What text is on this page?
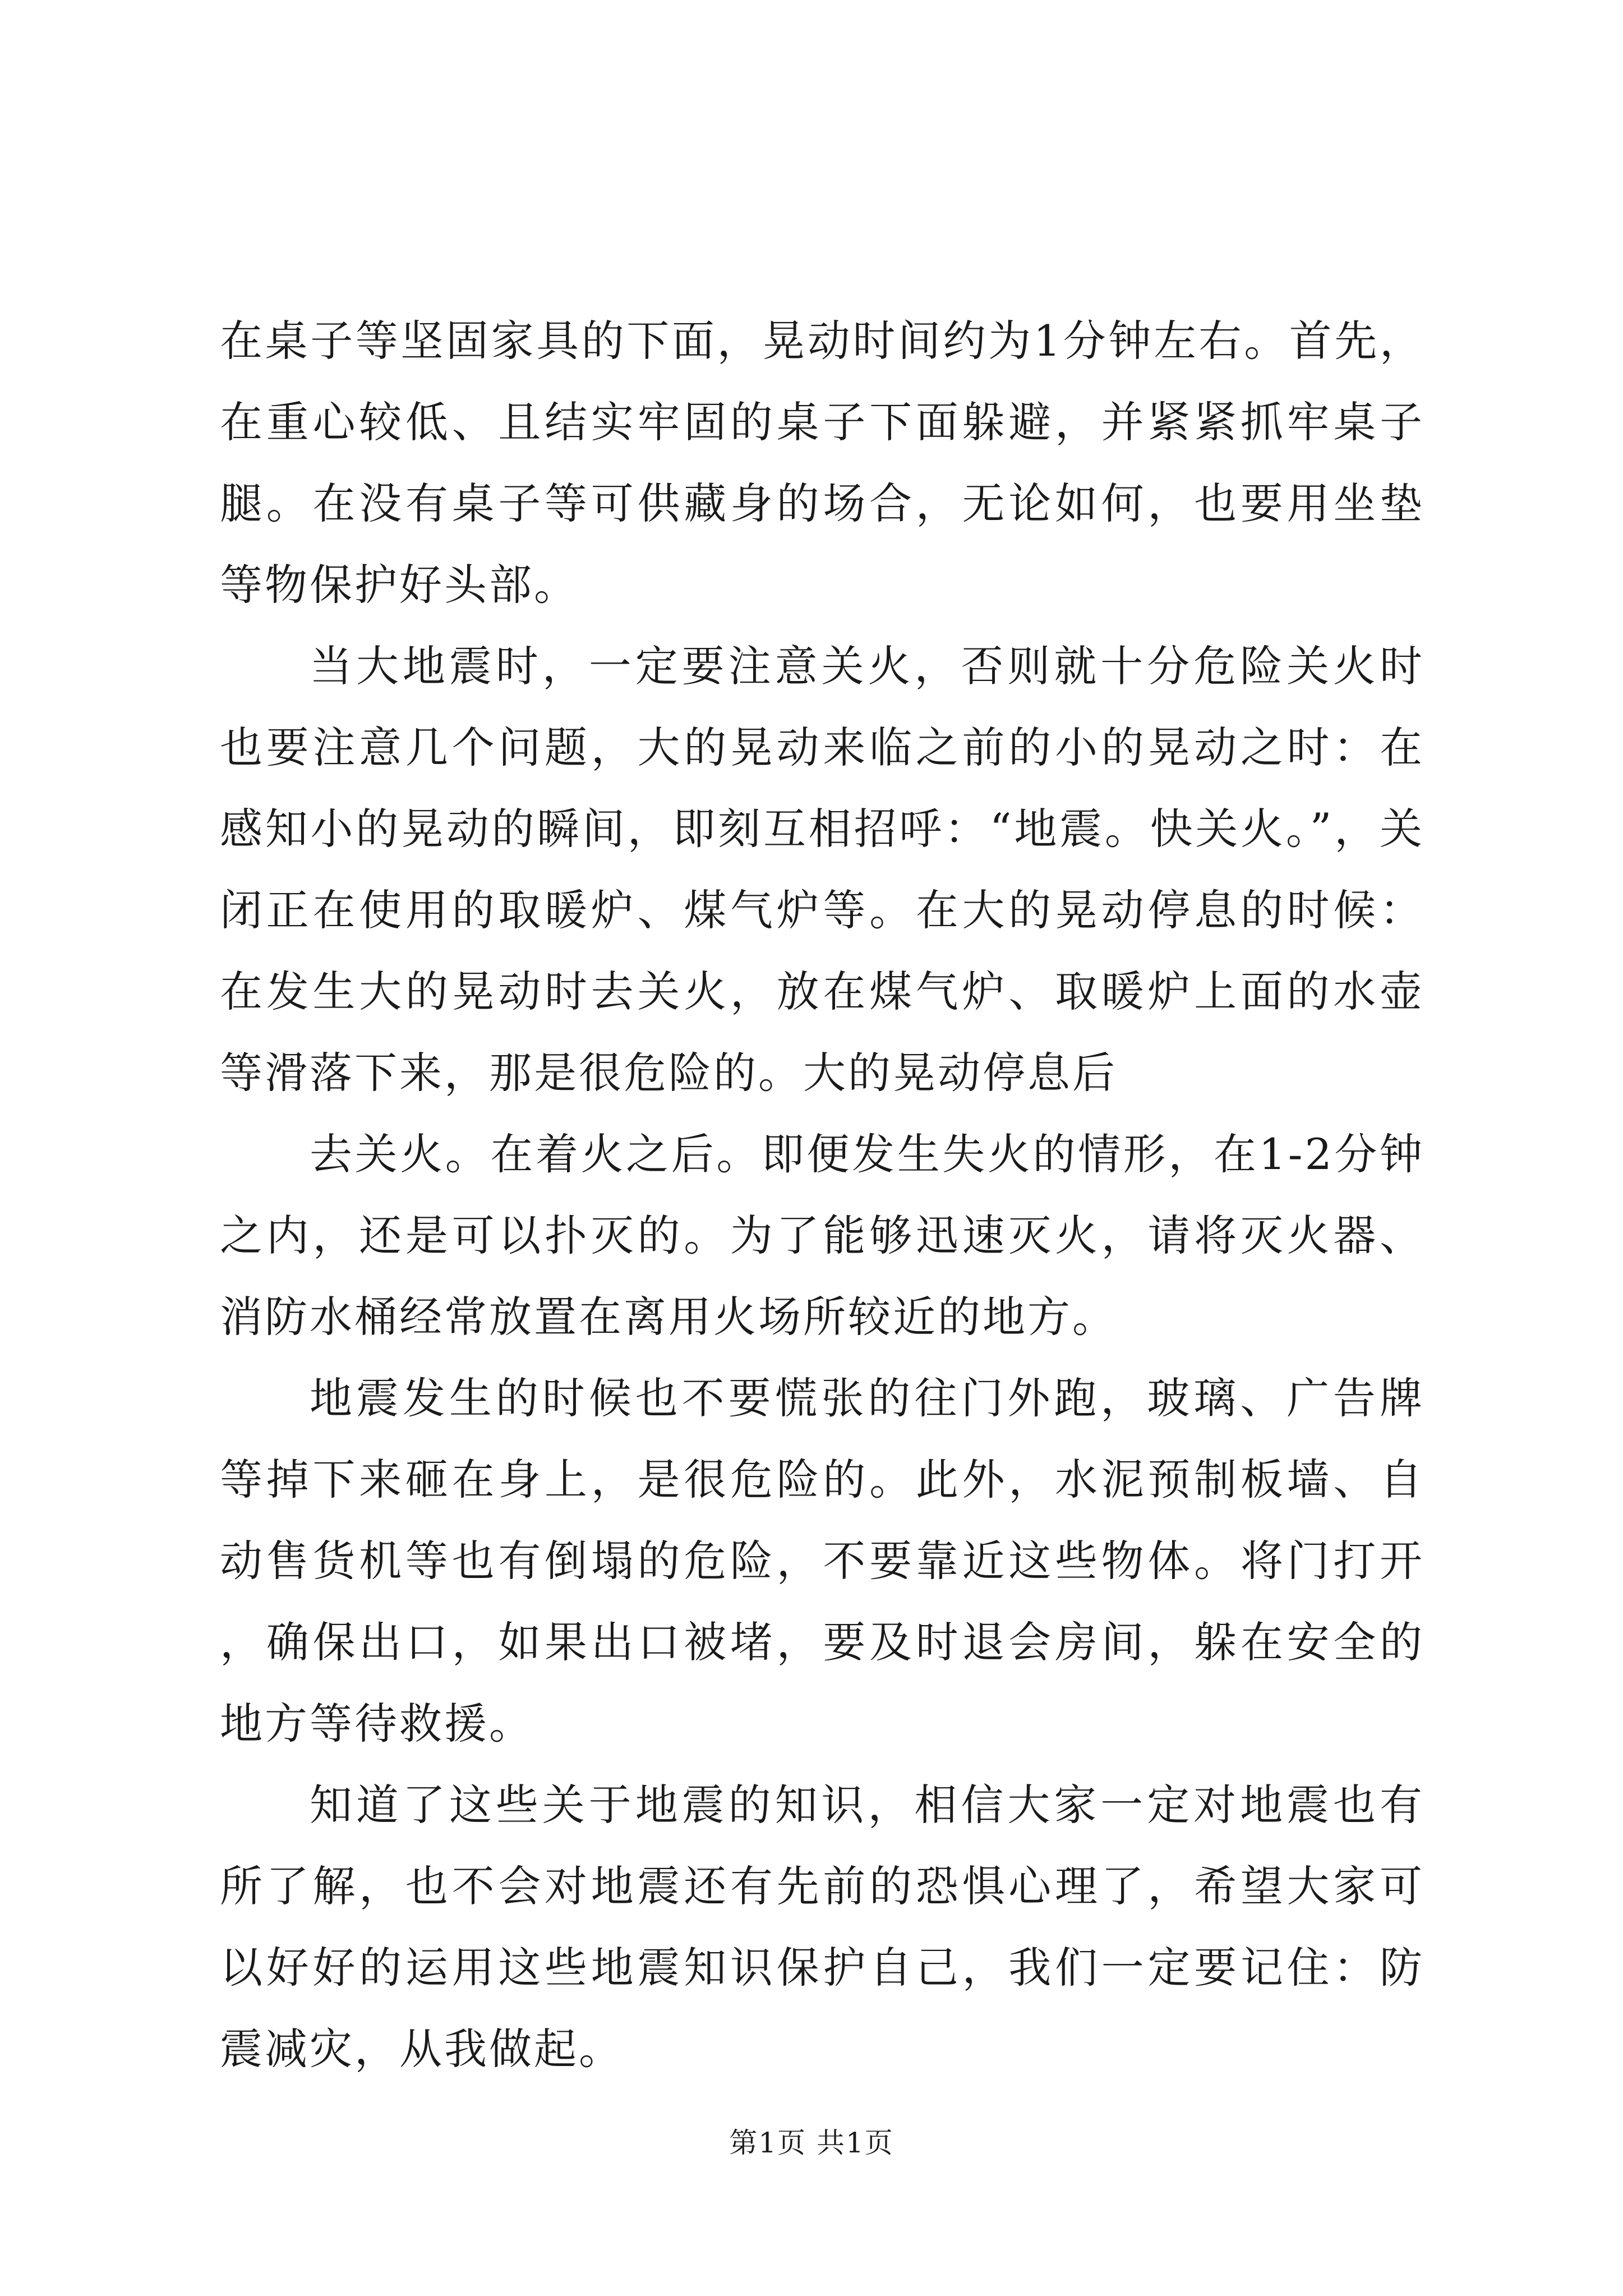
在桌子等坚固家具的下面，晃动时间约为1分钟左右。首先，在重心较低、且结实牢固的桌子下面躲避，并紧紧抓牢桌子腿。在没有桌子等可供藏身的场合，无论如何，也要用坐垫等物保护好头部。

当大地震时，一定要注意关火，否则就十分危险关火时也要注意几个问题，大的晃动来临之前的小的晃动之时：在感知小的晃动的瞬间，即刻互相招呼：“地震。快关火。”，关闭正在使用的取暖炉、煤气炉等。在大的晃动停息的时候：在发生大的晃动时去关火，放在煤气炉、取暖炉上面的水壶等滑落下来，那是很危险的。大的晃动停息后

去关火。在着火之后。即便发生失火的情形，在1-2分钟之内，还是可以扑灭的。为了能够迅速灭火，请将灭火器、消防水桶经常放置在离用火场所较近的地方。

地震发生的时候也不要慌张的往门外跑，玻璃、广告牌等掉下来砸在身上，是很危险的。此外，水泥预制板墙、自动售货机等也有倒塌的危险，不要靠近这些物体。将门打开，确保出口，如果出口被堵，要及时退会房间，躲在安全的地方等待救援。

知道了这些关于地震的知识，相信大家一定对地震也有所了解，也不会对地震还有先前的恐惧心理了，希望大家可以好好的运用这些地震知识保护自己，我们一定要记住：防震减灾，从我做起。

第1页 共1页
